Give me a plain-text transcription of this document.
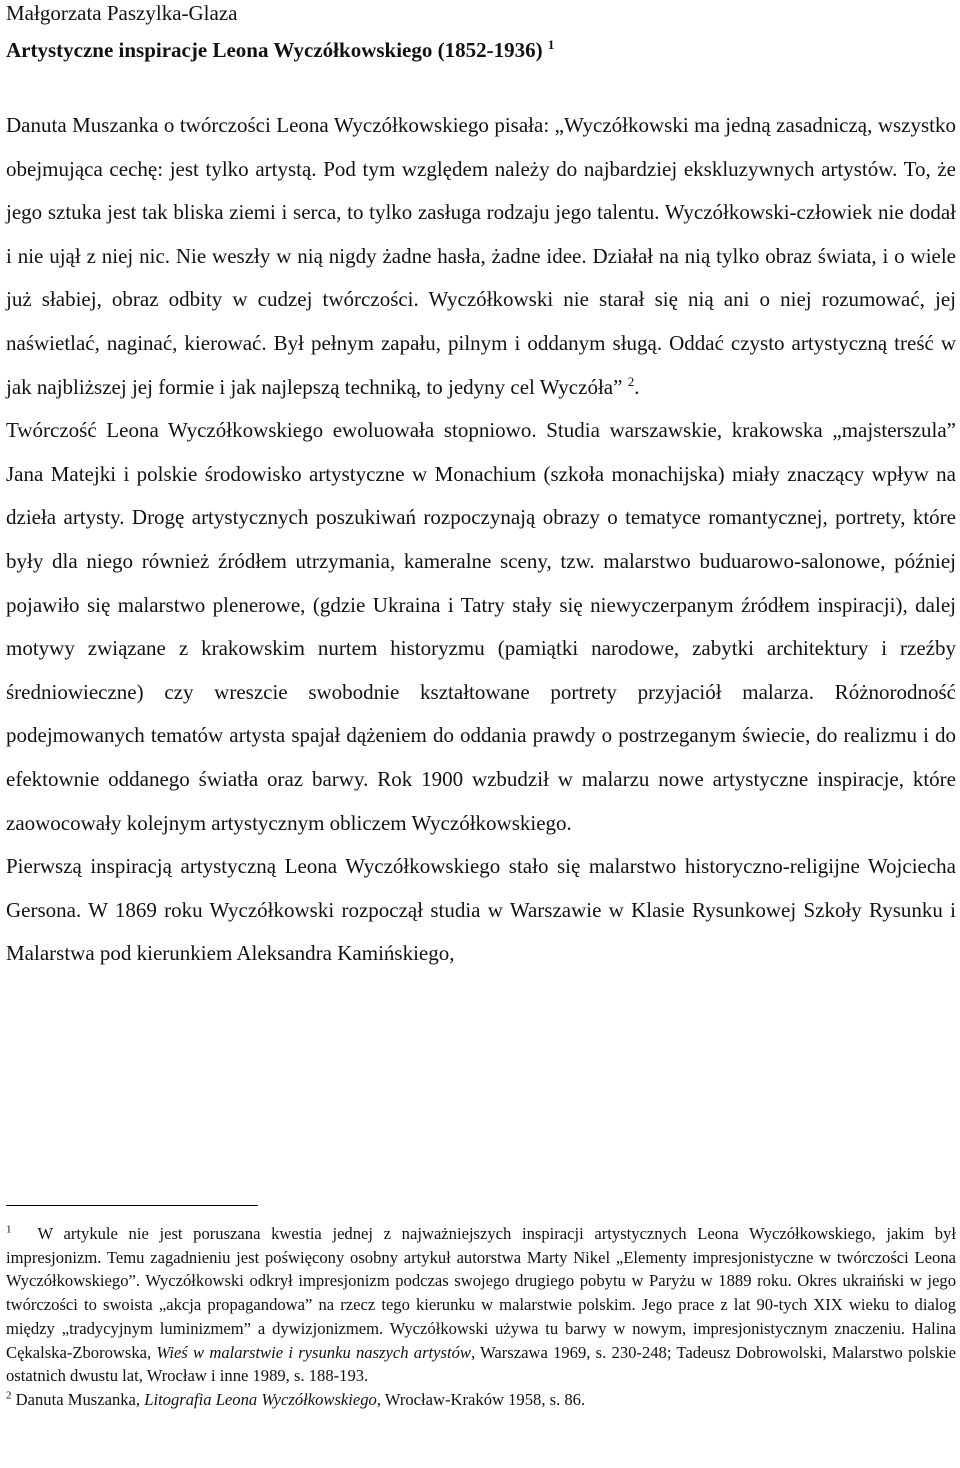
Małgorzata Paszylka-Glaza
Artystyczne inspiracje Leona Wyczółkowskiego (1852-1936) $^1$

Danuta Muszanka o twórczości Leona Wyczółkowskiego pisała: „Wyczółkowski ma jedną zasadniczą, wszystko obejmująca cechę: jest tylko artystą. Pod tym względem należy do najbardziej ekskluzywnych artystów. To, że jego sztuka jest tak bliska ziemi i serca, to tylko zasługa rodzaju jego talentu. Wyczółkowski-człowiek nie dodał i nie ujął z niej nic. Nie weszły w nią nigdy żadne hasła, żadne idee. Działał na nią tylko obraz świata, i o wiele już słabiej, obraz odbity w cudzej twórczości. Wyczółkowski nie starał się nią ani o niej rozumować, jej naświetlać, naginać, kierować. Był pełnym zapału, pilnym i oddanym sługą. Oddać czysto artystyczną treść w jak najbliższej jej formie i jak najlepszą techniką, to jedyny cel Wyczóła” $^2$.

Twórczość Leona Wyczółkowskiego ewoluowała stopniowo. Studia warszawskie, krakowska „majsterszula” Jana Matejki i polskie środowisko artystyczne w Monachium (szkoła monachijska) miały znaczący wpływ na dzieła artysty. Drogę artystycznych poszukiwań rozpoczynają obrazy o tematyce romantycznej, portrety, które były dla niego również źródłem utrzymania, kameralne sceny, tzw. malarstwo buduarowo-salonowe, później pojawiło się malarstwo plenerowe, (gdzie Ukraina i Tatry stały się niewyczerpanym źródłem inspiracji), dalej motywy związane z krakowskim nurtem historyzmu (pamiątki narodowe, zabytki architektury i rzeźby średniowieczne) czy wreszcie swobodnie kształtowane portrety przyjaciół malarza. Różnorodność podejmowanych tematów artysta spajał dążeniem do oddania prawdy o postrzeganym świecie, do realizmu i do efektownie oddanego światła oraz barwy. Rok 1900 wzbudził w malarzu nowe artystyczne inspiracje, które zaowocowały kolejnym artystycznym obliczem Wyczółkowskiego.

Pierwszą inspiracją artystyczną Leona Wyczółkowskiego stało się malarstwo historyczno-religijne Wojciecha Gersona. W 1869 roku Wyczółkowski rozpoczął studia w Warszawie w Klasie Rysunkowej Szkoły Rysunku i Malarstwa pod kierunkiem Aleksandra Kamińskiego,

$^1$ W artykule nie jest poruszana kwestia jednej z najważniejszych inspiracji artystycznych Leona Wyczółkowskiego, jakim był impresjonizm. Temu zagadnieniu jest poświęcony osobny artykuł autorstwa Marty Nikel „Elementy impresjonistyczne w twórczości Leona Wyczółkowskiego”. Wyczółkowski odkrył impresjonizm podczas swojego drugiego pobytu w Paryżu w 1889 roku. Okres ukraiński w jego twórczości to swoista „akcja propagandowa” na rzecz tego kierunku w malarstwie polskim. Jego prace z lat 90-tych XIX wieku to dialog między „tradycyjnym luminizmem” a dywizjonizmem. Wyczółkowski używa tu barwy w nowym, impresjonistycznym znaczeniu. Halina Cękalska-Zborowska, Wieś w malarstwie i rysunku naszych artystów, Warszawa 1969, s. 230-248; Tadeusz Dobrowolski, Malarstwo polskie ostatnich dwustu lat, Wrocław i inne 1989, s. 188-193.

$^2$ Danuta Muszanka, Litografia Leona Wyczółkowskiego, Wrocław-Kraków 1958, s. 86.
